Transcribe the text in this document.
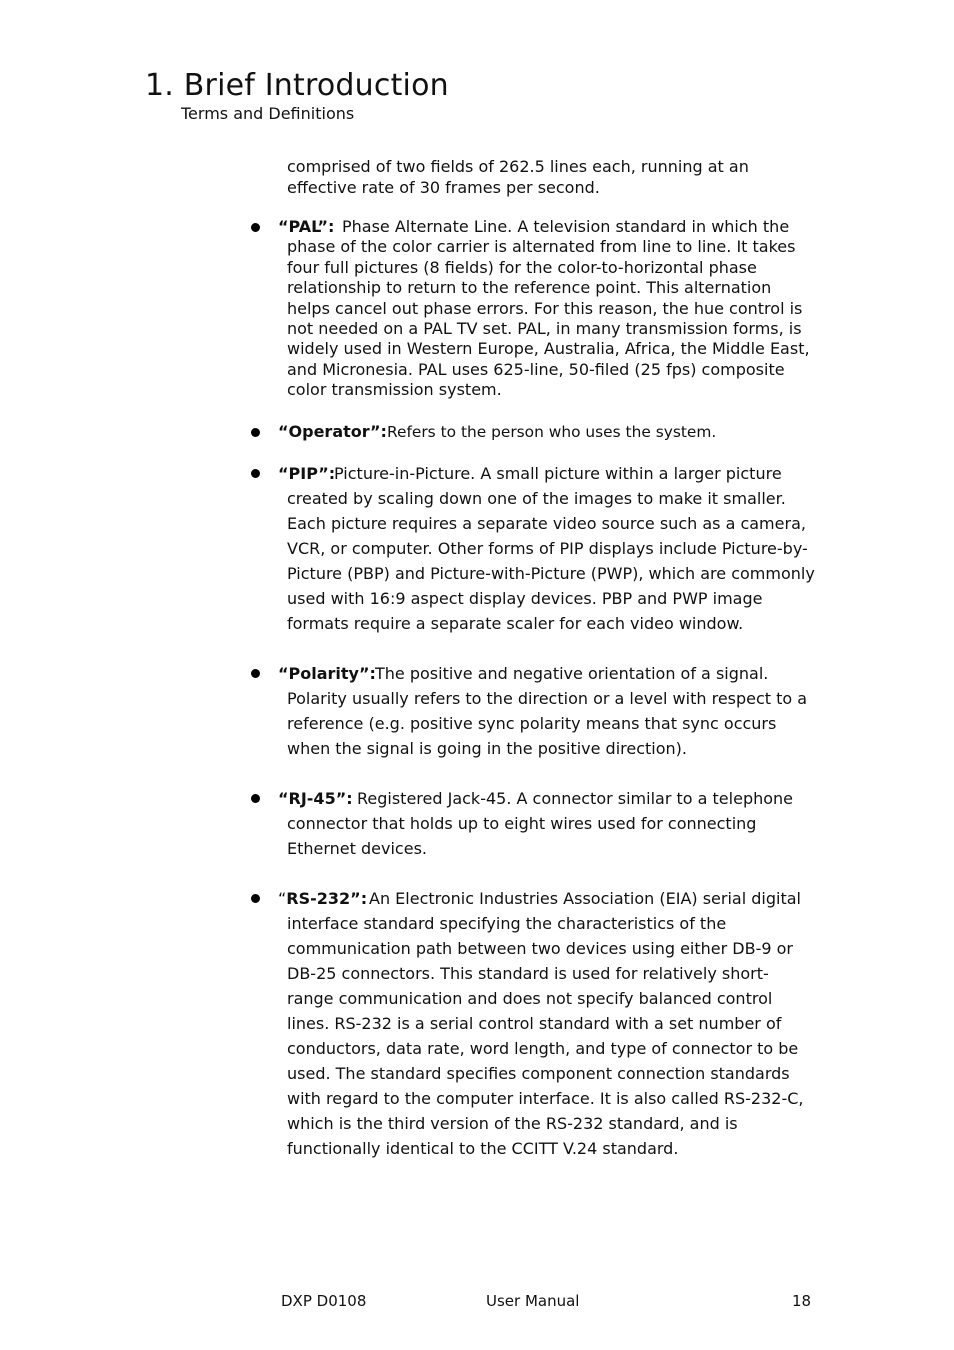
1. Brief Introduction
Terms and Definitions

comprised of two fields of 262.5 lines each, running at an effective rate of 30 frames per second.

“PAL”: Phase Alternate Line. A television standard in which the phase of the color carrier is alternated from line to line. It takes four full pictures (8 fields) for the color-to-horizontal phase relationship to return to the reference point. This alternation helps cancel out phase errors. For this reason, the hue control is not needed on a PAL TV set. PAL, in many transmission forms, is widely used in Western Europe, Australia, Africa, the Middle East, and Micronesia. PAL uses 625-line, 50-filed (25 fps) composite color transmission system.
“Operator”: Refers to the person who uses the system.
“PIP”:
Picture-in-Picture. A small picture within a larger picture created by scaling down one of the images to make it smaller. Each picture requires a separate video source such as a camera, VCR, or computer. Other forms of PIP displays include Picture-by-Picture (PBP) and Picture-with-Picture (PWP), which are commonly used with 16:9 aspect display devices. PBP and PWP image formats require a separate scaler for each video window.
“Polarity”: The positive and negative orientation of a signal. Polarity usually refers to the direction or a level with respect to a reference (e.g. positive sync polarity means that sync occurs when the signal is going in the positive direction).
“RJ-45”: Registered Jack-45. A connector similar to a telephone connector that holds up to eight wires used for connecting Ethernet devices.
“RS-232”: An Electronic Industries Association (EIA) serial digital interface standard specifying the characteristics of the communication path between two devices using either DB-9 or DB-25 connectors. This standard is used for relatively short-range communication and does not specify balanced control lines. RS-232 is a serial control standard with a set number of conductors, data rate, word length, and type of connector to be used. The standard specifies component connection standards with regard to the computer interface. It is also called RS-232-C, which is the third version of the RS-232 standard, and is functionally identical to the CCITT V.24 standard.
DXP D0108	User Manual	18
